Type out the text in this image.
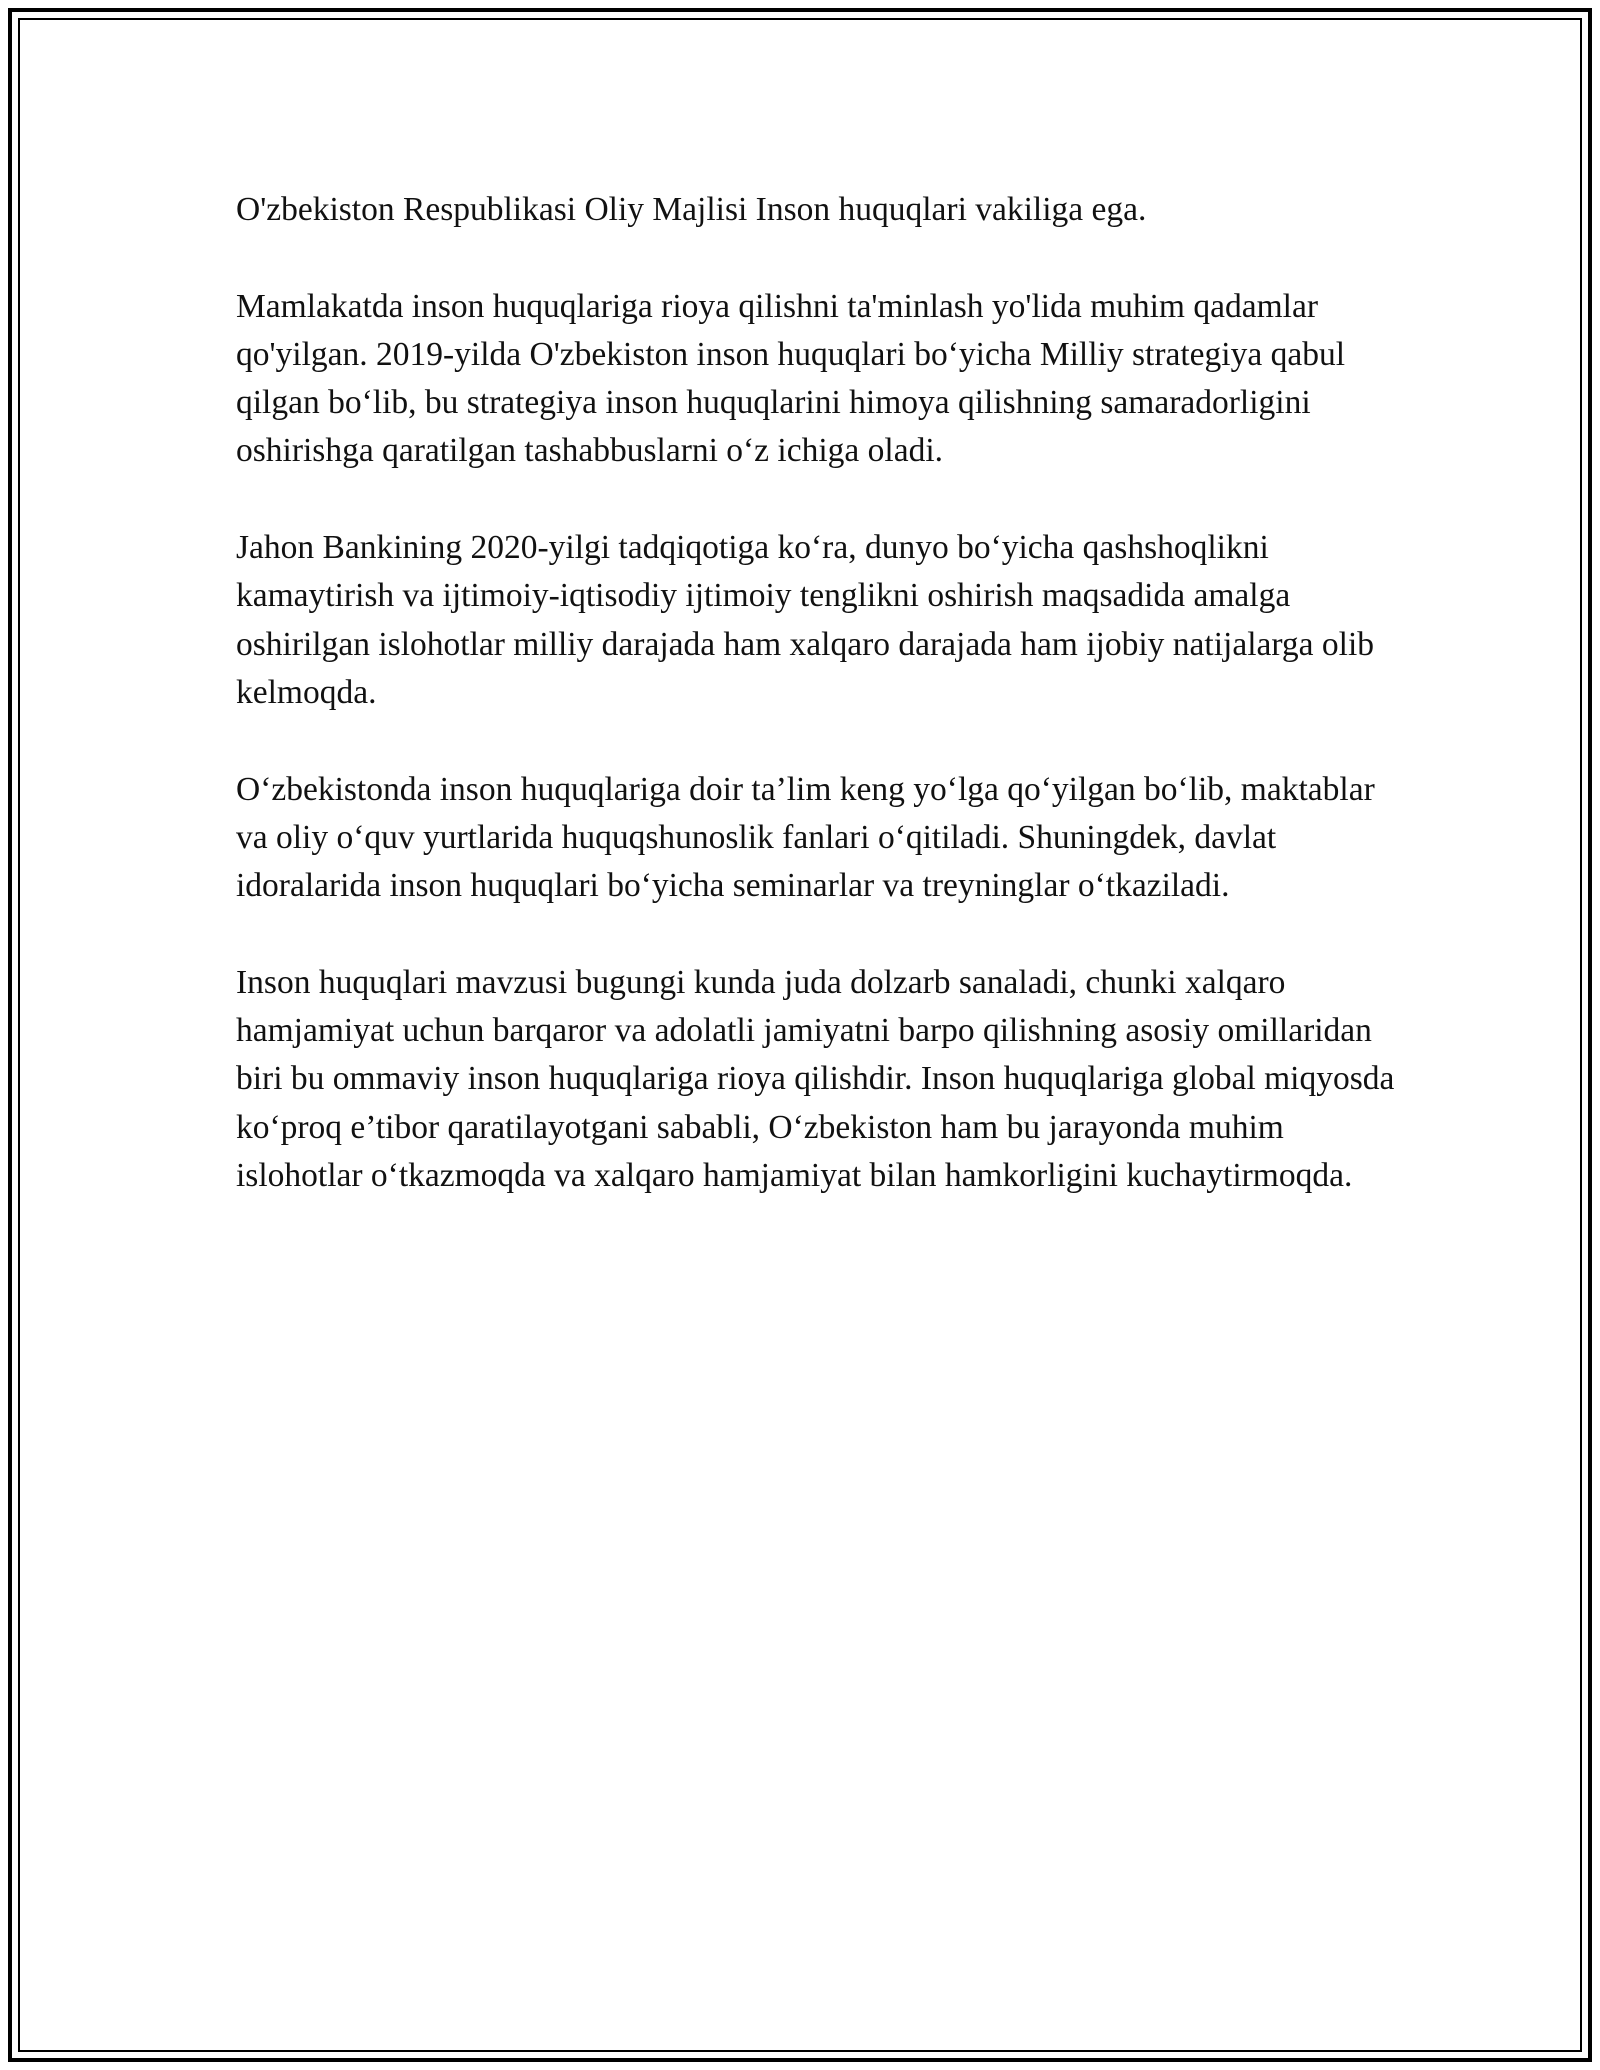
O'zbekiston Respublikasi Oliy Majlisi Inson huquqlari vakiliga ega.

Mamlakatda inson huquqlariga rioya qilishni ta'minlash yo'lida muhim qadamlar qo'yilgan. 2019-yilda O'zbekiston inson huquqlari bo‘yicha Milliy strategiya qabul qilgan bo‘lib, bu strategiya inson huquqlarini himoya qilishning samaradorligini oshirishga qaratilgan tashabbuslarni o‘z ichiga oladi.

Jahon Bankining 2020-yilgi tadqiqotiga ko‘ra, dunyo bo‘yicha qashshoqlikni kamaytirish va ijtimoiy-iqtisodiy ijtimoiy tenglikni oshirish maqsadida amalga oshirilgan islohotlar milliy darajada ham xalqaro darajada ham ijobiy natijalarga olib kelmoqda.

O‘zbekistonda inson huquqlariga doir ta’lim keng yo‘lga qo‘yilgan bo‘lib, maktablar va oliy o‘quv yurtlarida huquqshunoslik fanlari o‘qitiladi. Shuningdek, davlat idoralarida inson huquqlari bo‘yicha seminarlar va treyninglar o‘tkaziladi.

Inson huquqlari mavzusi bugungi kunda juda dolzarb sanaladi, chunki xalqaro hamjamiyat uchun barqaror va adolatli jamiyatni barpo qilishning asosiy omillaridan biri bu ommaviy inson huquqlariga rioya qilishdir. Inson huquqlariga global miqyosda ko‘proq e’tibor qaratilayotgani sababli, O‘zbekiston ham bu jarayonda muhim islohotlar o‘tkazmoqda va xalqaro hamjamiyat bilan hamkorligini kuchaytirmoqda.
